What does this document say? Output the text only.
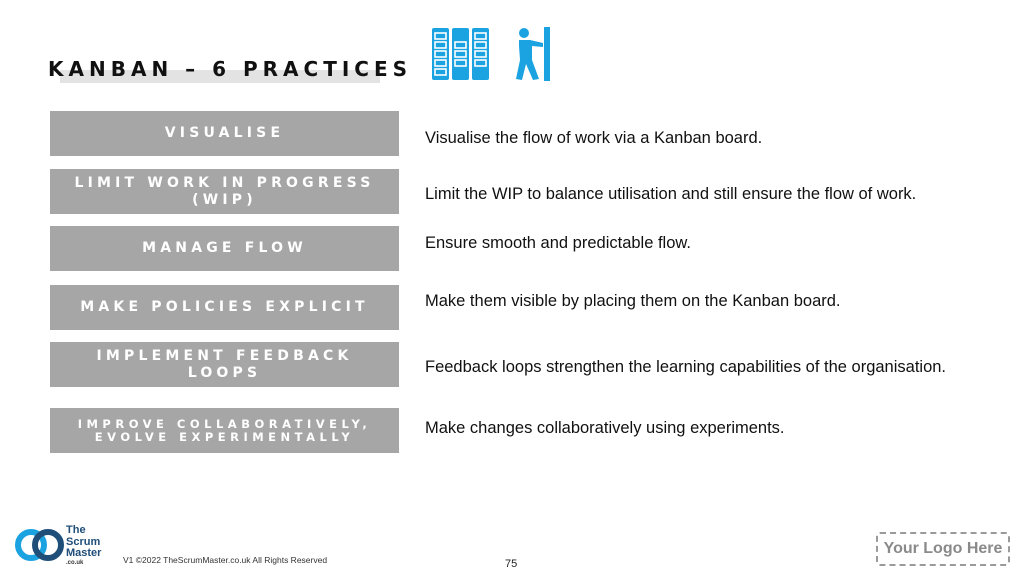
KANBAN – 6 PRACTICES
VISUALISE	Visualise the flow of work via a Kanban board.
LIMIT WORK IN PROGRESS
(WIP)	Limit the WIP to balance utilisation and still ensure the flow of work.
MANAGE FLOW	Ensure smooth and predictable flow.
MAKE POLICIES EXPLICIT	Make them visible by placing them on the Kanban board.
IMPLEMENT FEEDBACK
LOOPS	Feedback loops strengthen the learning capabilities of the organisation.
IMPROVE COLLABORATIVELY,
EVOLVE EXPERIMENTALLY	Make changes collaboratively using experiments.
The
Scrum
Master
.co.uk	V1 ©2022 TheScrumMaster.co.uk All Rights Reserved	75
Your Logo Here
